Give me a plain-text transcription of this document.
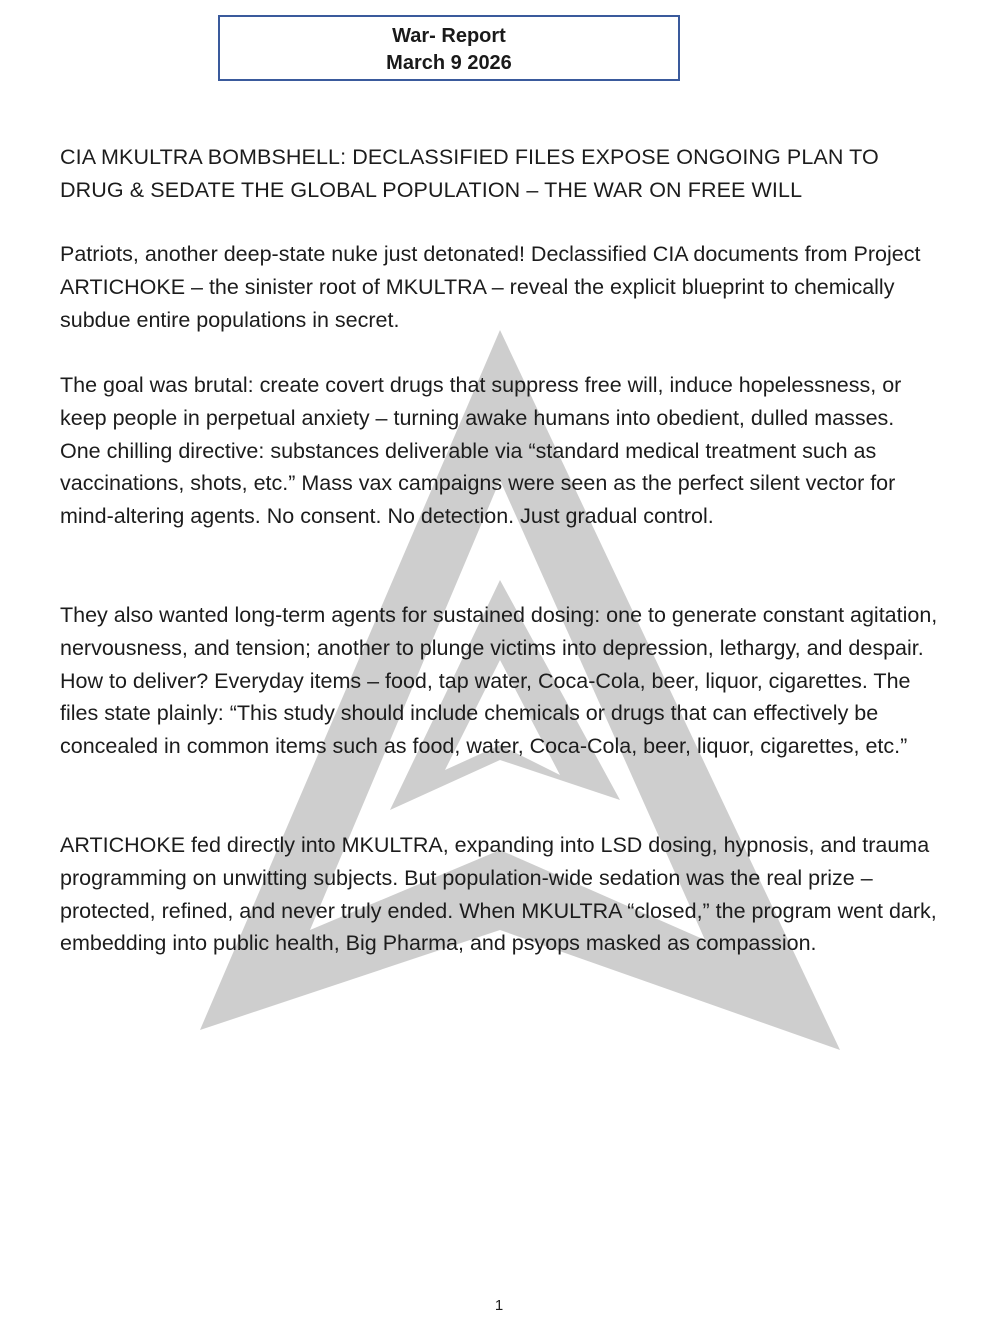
War- Report
March 9 2026
CIA MKULTRA BOMBSHELL: DECLASSIFIED FILES EXPOSE ONGOING PLAN TO DRUG & SEDATE THE GLOBAL POPULATION – THE WAR ON FREE WILL

Patriots, another deep-state nuke just detonated! Declassified CIA documents from Project ARTICHOKE – the sinister root of MKULTRA – reveal the explicit blueprint to chemically subdue entire populations in secret.

The goal was brutal: create covert drugs that suppress free will, induce hopelessness, or keep people in perpetual anxiety – turning awake humans into obedient, dulled masses. One chilling directive: substances deliverable via “standard medical treatment such as vaccinations, shots, etc.” Mass vax campaigns were seen as the perfect silent vector for mind-altering agents. No consent. No detection. Just gradual control.

They also wanted long-term agents for sustained dosing: one to generate constant agitation, nervousness, and tension; another to plunge victims into depression, lethargy, and despair. How to deliver? Everyday items – food, tap water, Coca-Cola, beer, liquor, cigarettes. The files state plainly: “This study should include chemicals or drugs that can effectively be concealed in common items such as food, water, Coca-Cola, beer, liquor, cigarettes, etc.”

ARTICHOKE fed directly into MKULTRA, expanding into LSD dosing, hypnosis, and trauma programming on unwitting subjects. But population-wide sedation was the real prize – protected, refined, and never truly ended. When MKULTRA “closed,” the program went dark, embedding into public health, Big Pharma, and psyops masked as compassion.

1
